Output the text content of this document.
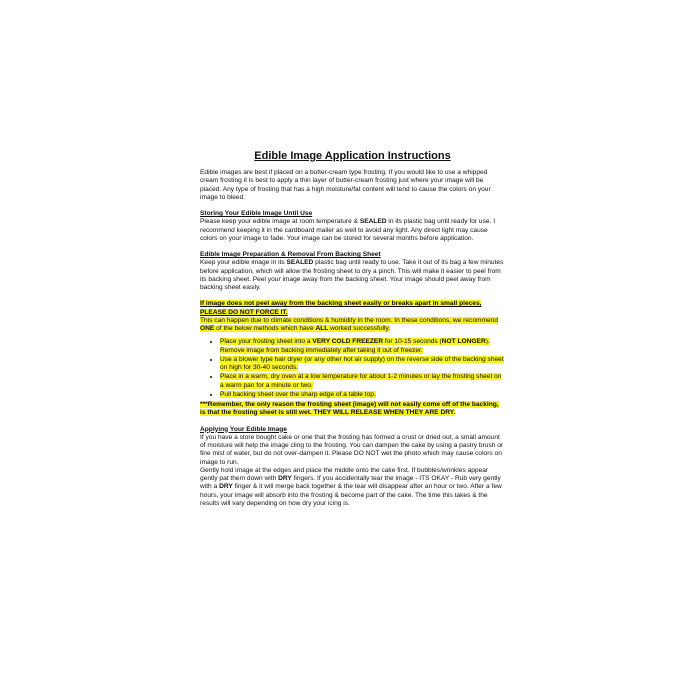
Edible Image Application Instructions

Edible images are best if placed on a butter-cream type frosting. If you would like to use a whipped cream frosting it is best to apply a thin layer of butter-cream frosting just where your image will be placed. Any type of frosting that has a high moisture/fat content will tend to cause the colors on your image to bleed.

Storing Your Edible Image Until Use

Please keep your edible image at room temperature & SEALED in its plastic bag until ready for use. I recommend keeping it in the cardboard mailer as well to avoid any light. Any direct light may cause colors on your image to fade. Your image can be stored for several months before application.

Edible Image Preparation & Removal From Backing Sheet

Keep your edible image in its SEALED plastic bag until ready to use. Take it out of its bag a few minutes before application, which will allow the frosting sheet to dry a pinch. This will make it easier to peel from its backing sheet. Peel your image away from the backing sheet. Your image should peel away from backing sheet easily.

If image does not peel away from the backing sheet easily or breaks apart in small pieces, PLEASE DO NOT FORCE IT.

This can happen due to climate conditions & humidity in the room. In these conditions, we recommend ONE of the below methods which have ALL worked successfully.

• Place your frosting sheet into a VERY COLD FREEZER for 10-15 seconds (NOT LONGER). Remove image from backing immediately after taking it out of freezer.
• Use a blower type hair dryer (or any other hot air supply) on the reverse side of the backing sheet on high for 30-40 seconds.
• Place in a warm, dry oven at a low temperature for about 1-2 minutes or lay the frosting sheet on a warm pan for a minute or two.
• Pull backing sheet over the sharp edge of a table top.

***Remember, the only reason the frosting sheet (image) will not easily come off of the backing, is that the frosting sheet is still wet. THEY WILL RELEASE WHEN THEY ARE DRY.

Applying Your Edible Image

If you have a store bought cake or one that the frosting has formed a crust or dried out, a small amount of moisture will help the image cling to the frosting. You can dampen the cake by using a pastry brush or fine mist of water, but do not over-dampen it. Please DO NOT wet the photo which may cause colors on image to run.

Gently hold image at the edges and place the middle onto the cake first. If bubbles/wrinkles appear gently pat them down with DRY fingers. If you accidentally tear the image - ITS OKAY - Rub very gently with a DRY finger & it will merge back together & the tear will disappear after an hour or two. After a few hours, your image will absorb into the frosting & become part of the cake. The time this takes & the results will vary depending on how dry your icing is.
